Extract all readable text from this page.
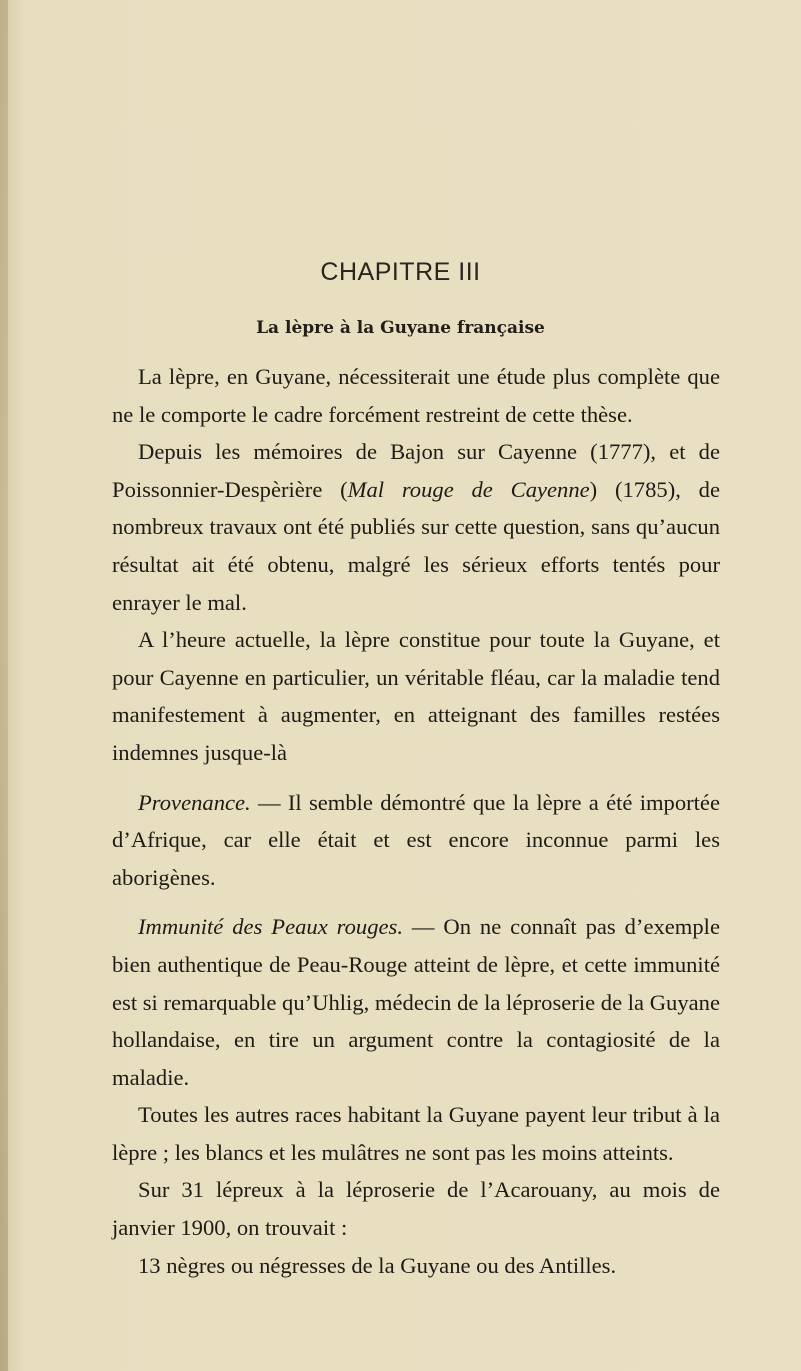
CHAPITRE III
La lèpre à la Guyane française

La lèpre, en Guyane, nécessiterait une étude plus complète que ne le comporte le cadre forcément restreint de cette thèse.

Depuis les mémoires de Bajon sur Cayenne (1777), et de Poissonnier-Despèrière (Mal rouge de Cayenne) (1785), de nombreux travaux ont été publiés sur cette question, sans qu’aucun résultat ait été obtenu, malgré les sérieux efforts tentés pour enrayer le mal.

A l’heure actuelle, la lèpre constitue pour toute la Guyane, et pour Cayenne en particulier, un véritable fléau, car la maladie tend manifestement à augmenter, en atteignant des familles restées indemnes jusque-là

Provenance. — Il semble démontré que la lèpre a été importée d’Afrique, car elle était et est encore inconnue parmi les aborigènes.

Immunité des Peaux rouges. — On ne connaît pas d’exemple bien authentique de Peau-Rouge atteint de lèpre, et cette immunité est si remarquable qu’Uhlig, médecin de la léproserie de la Guyane hollandaise, en tire un argument contre la contagiosité de la maladie.

Toutes les autres races habitant la Guyane payent leur tribut à la lèpre ; les blancs et les mulâtres ne sont pas les moins atteints.

Sur 31 lépreux à la léproserie de l’Acarouany, au mois de janvier 1900, on trouvait :

13 nègres ou négresses de la Guyane ou des Antilles.
